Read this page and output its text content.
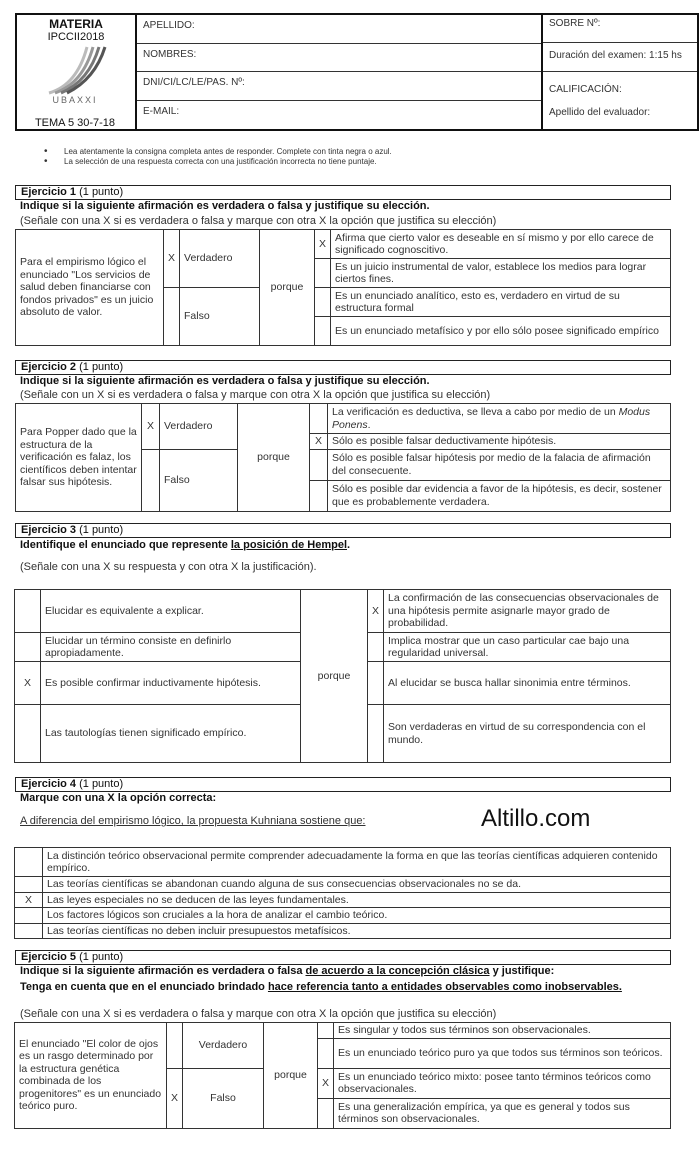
MATERIA
IPCCII2018
UBAXXI
TEMA 5 30-7-18
APELLIDO:
NOMBRES:
DNI/CI/LC/LE/PAS. Nº:
E-MAIL:
SOBRE Nº:
Duración del examen: 1:15 hs
CALIFICACIÓN:
Apellido del evaluador:
• Lea atentamente la consigna completa antes de responder. Complete con tinta negra o azul.
• La selección de una respuesta correcta con una justificación incorrecta no tiene puntaje.
Ejercicio 1 (1 punto)
Indique si la siguiente afirmación es verdadera o falsa y justifique su elección.
(Señale con una X si es verdadera o falsa y marque con otra X la opción que justifica su elección)
Para el empirismo lógico el enunciado "Los servicios de salud deben financiarse con fondos privados" es un juicio absoluto de valor.	X	Verdadero	porque	X	Afirma que cierto valor es deseable en sí mismo y por ello carece de significado cognoscitivo.
					Es un juicio instrumental de valor, establece los medios para lograr ciertos fines.
		Falso			Es un enunciado analítico, esto es, verdadero en virtud de su estructura formal
					Es un enunciado metafísico y por ello sólo posee significado empírico
Ejercicio 2 (1 punto)
Indique si la siguiente afirmación es verdadera o falsa y justifique su elección.
(Señale con un X si es verdadera o falsa y marque con otra X la opción que justifica su elección)
Para Popper dado que la estructura de la verificación es falaz, los científicos deben intentar falsar sus hipótesis.	X	Verdadero	porque		La verificación es deductiva, se lleva a cabo por medio de un Modus Ponens.
				X	Sólo es posible falsar deductivamente hipótesis.
		Falso			Sólo es posible falsar hipótesis por medio de la falacia de afirmación del consecuente.
					Sólo es posible dar evidencia a favor de la hipótesis, es decir, sostener que es probablemente verdadera.
Ejercicio 3 (1 punto)
Identifique el enunciado que represente la posición de Hempel.
(Señale con una X su respuesta y con otra X la justificación).
	Elucidar es equivalente a explicar.	porque	X	La confirmación de las consecuencias observacionales de una hipótesis permite asignarle mayor grado de probabilidad.
	Elucidar un término consiste en definirlo apropiadamente.			Implica mostrar que un caso particular cae bajo una regularidad universal.
X	Es posible confirmar inductivamente hipótesis.			Al elucidar se busca hallar sinonimia entre términos.
	Las tautologías tienen significado empírico.			Son verdaderas en virtud de su correspondencia con el mundo.
Ejercicio 4 (1 punto)
Marque con una X la opción correcta:
A diferencia del empirismo lógico, la propuesta Kuhniana sostiene que:	Altillo.com
	La distinción teórico observacional permite comprender adecuadamente la forma en que las teorías científicas adquieren contenido empírico.
	Las teorías científicas se abandonan cuando alguna de sus consecuencias observacionales no se da.
X	Las leyes especiales no se deducen de las leyes fundamentales.
	Los factores lógicos son cruciales a la hora de analizar el cambio teórico.
	Las teorías científicas no deben incluir presupuestos metafísicos.
Ejercicio 5 (1 punto)
Indique si la siguiente afirmación es verdadera o falsa de acuerdo a la concepción clásica y justifique:
Tenga en cuenta que en el enunciado brindado hace referencia tanto a entidades observables como inobservables.
(Señale con una X si es verdadera o falsa y marque con otra X la opción que justifica su elección)
El enunciado "El color de ojos es un rasgo determinado por la estructura genética combinada de los progenitores" es un enunciado teórico puro.		Verdadero	porque		Es singular y todos sus términos son observacionales.
					Es un enunciado teórico puro ya que todos sus términos son teóricos.
	X	Falso		X	Es un enunciado teórico mixto: posee tanto términos teóricos como observacionales.
					Es una generalización empírica, ya que es general y todos sus términos son observacionales.
